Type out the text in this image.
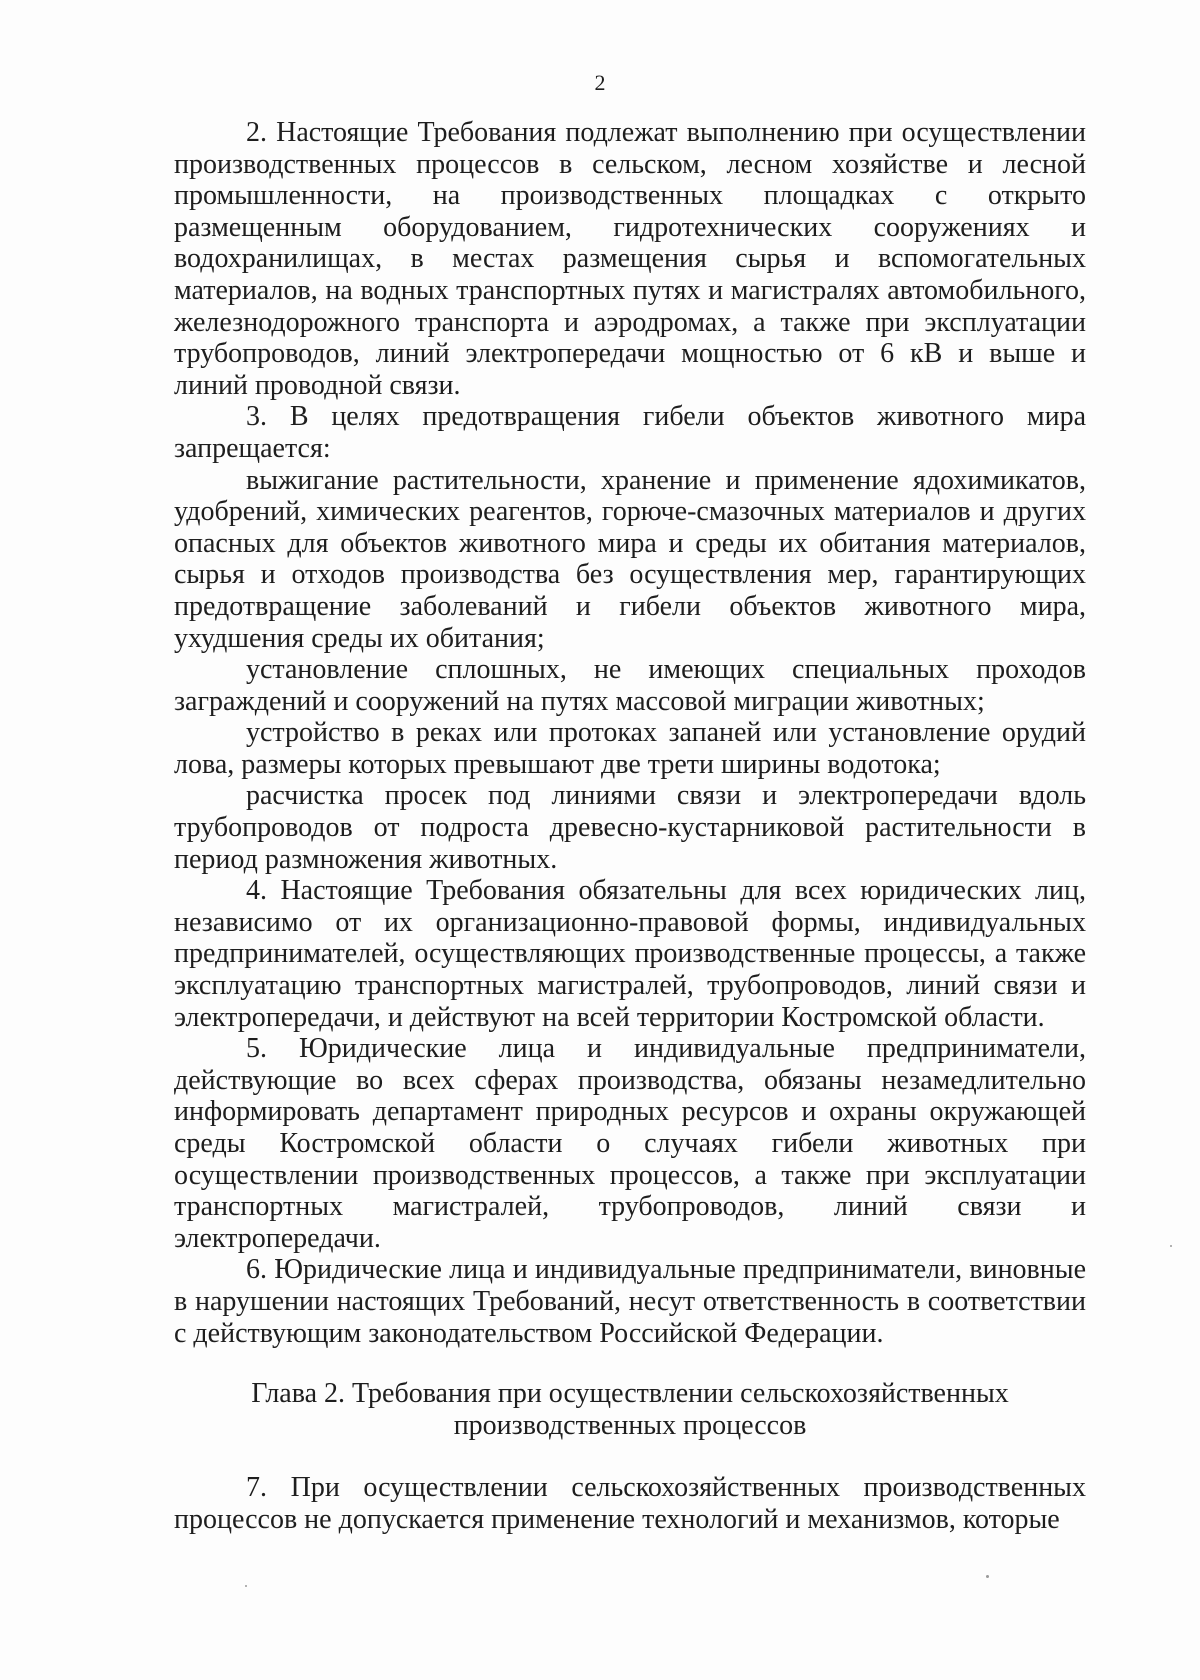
2

2. Настоящие Требования подлежат выполнению при осуществлении производственных процессов в сельском, лесном хозяйстве и лесной промышленности, на производственных площадках с открыто размещенным оборудованием, гидротехнических сооружениях и водохранилищах, в местах размещения сырья и вспомогательных материалов, на водных транспортных путях и магистралях автомобильного, железнодорожного транспорта и аэродромах, а также при эксплуатации трубопроводов, линий электропередачи мощностью от 6 кВ и выше и линий проводной связи.

3. В целях предотвращения гибели объектов животного мира запрещается:

выжигание растительности, хранение и применение ядохимикатов, удобрений, химических реагентов, горюче-смазочных материалов и других опасных для объектов животного мира и среды их обитания материалов, сырья и отходов производства без осуществления мер, гарантирующих предотвращение заболеваний и гибели объектов животного мира, ухудшения среды их обитания;

установление сплошных, не имеющих специальных проходов заграждений и сооружений на путях массовой миграции животных;

устройство в реках или протоках запаней или установление орудий лова, размеры которых превышают две трети ширины водотока;

расчистка просек под линиями связи и электропередачи вдоль трубопроводов от подроста древесно-кустарниковой растительности в период размножения животных.

4. Настоящие Требования обязательны для всех юридических лиц, независимо от их организационно-правовой формы, индивидуальных предпринимателей, осуществляющих производственные процессы, а также эксплуатацию транспортных магистралей, трубопроводов, линий связи и электропередачи, и действуют на всей территории Костромской области.

5. Юридические лица и индивидуальные предприниматели, действующие во всех сферах производства, обязаны незамедлительно информировать департамент природных ресурсов и охраны окружающей среды Костромской области о случаях гибели животных при осуществлении производственных процессов, а также при эксплуатации транспортных магистралей, трубопроводов, линий связи и электропередачи.

6. Юридические лица и индивидуальные предприниматели, виновные в нарушении настоящих Требований, несут ответственность в соответствии с действующим законодательством Российской Федерации.

Глава 2. Требования при осуществлении сельскохозяйственных
производственных процессов

7. При осуществлении сельскохозяйственных производственных процессов не допускается применение технологий и механизмов, которые
